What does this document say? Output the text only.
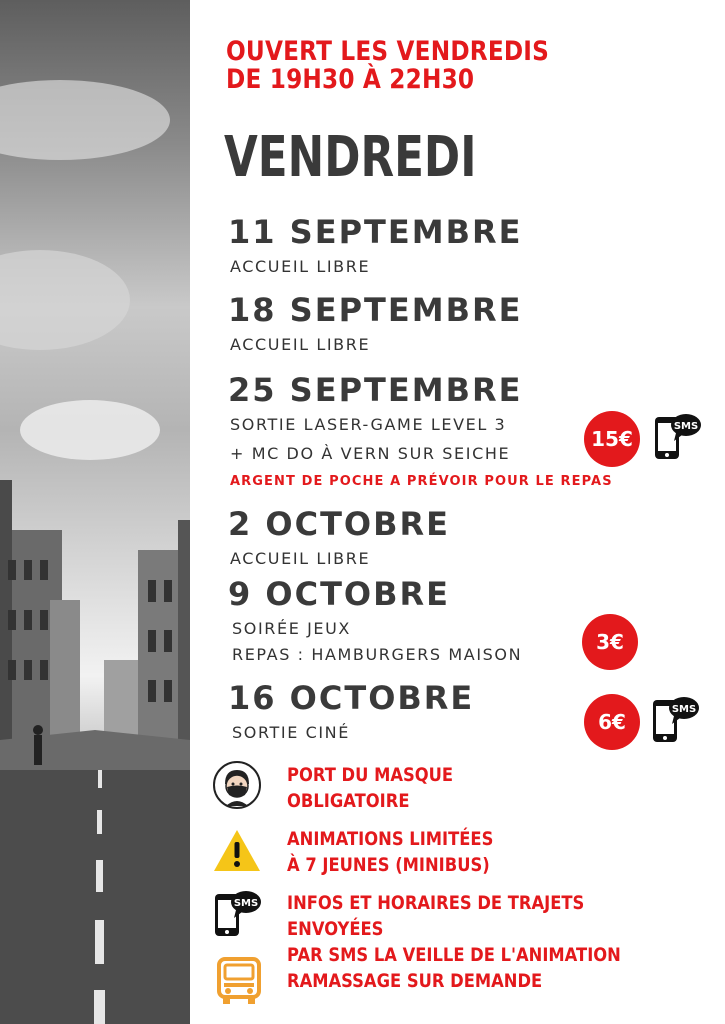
OUVERT LES VENDREDIS
DE 19H30 À 22H30
VENDREDI
11 SEPTEMBRE
ACCUEIL LIBRE
18 SEPTEMBRE
ACCUEIL LIBRE
25 SEPTEMBRE
SORTIE LASER-GAME LEVEL 3
+ MC DO À VERN SUR SEICHE
ARGENT DE POCHE A PRÉVOIR POUR LE REPAS
15€
SMS
2 OCTOBRE
ACCUEIL LIBRE
9 OCTOBRE
SOIRÉE JEUX
REPAS : HAMBURGERS MAISON
3€
16 OCTOBRE
SORTIE CINÉ	6€
SMS
PORT DU MASQUE
OBLIGATOIRE
ANIMATIONS LIMITÉES
À 7 JEUNES (MINIBUS)
SMS INFOS ET HORAIRES DE TRAJETS ENVOYÉES
PAR SMS LA VEILLE DE L'ANIMATION
RAMASSAGE SUR DEMANDE
